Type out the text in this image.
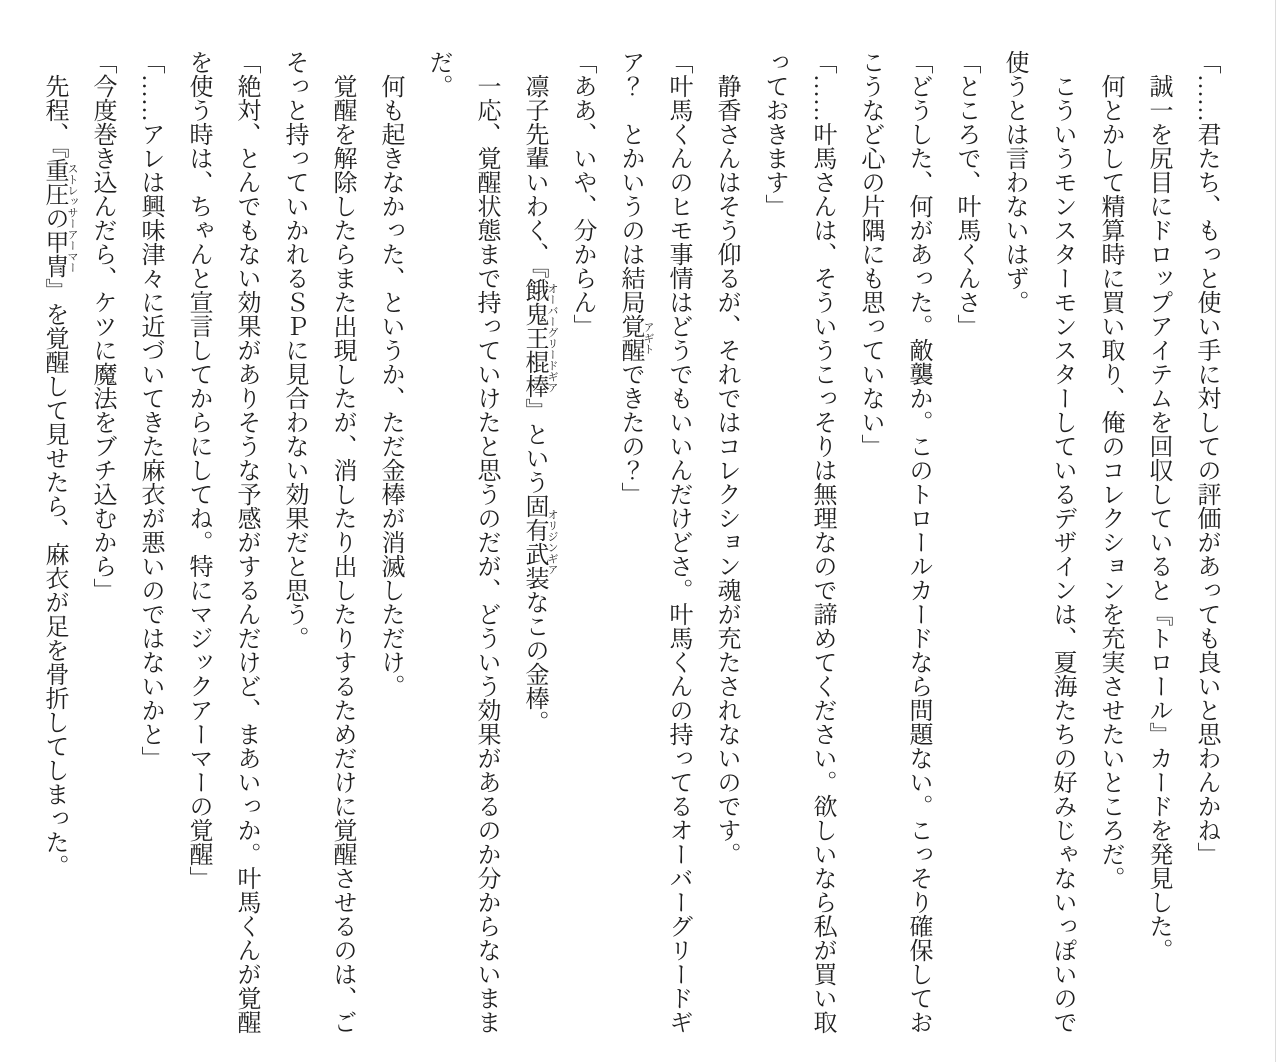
「……君たち、もっと使い手に対しての評価があっても良いと思わんかね」

誠一を尻目にドロップアイテムを回収していると『トロール』カードを発見した。

何とかして精算時に買い取り、俺のコレクションを充実させたいところだ。

こういうモンスターモンスターしているデザインは、夏海たちの好みじゃないっぽいので使うとは言わないはず。

「ところで、叶馬くんさ」

「どうした、何があった。敵襲か。このトロールカードなら問題ない。こっそり確保しておこうなど心の片隅にも思っていない」

「……叶馬さんは、そういうこっそりは無理なので諦めてください。欲しいなら私が買い取っておきます」

静香さんはそう仰るが、それではコレクション魂が充たされないのです。

「叶馬くんのヒモ事情はどうでもいいんだけどさ。叶馬くんの持ってるオーバーグリードギア？　とかいうのは結局覚醒 アギトできたの？」

「ああ、いや、分からん」

凛子先輩いわく、『餓鬼王棍棒 オーバーグリードギア』という固有武装 オリジンギアなこの金棒。

一応、覚醒状態まで持っていけたと思うのだが、どういう効果があるのか分からないままだ。

何も起きなかった、というか、ただ金棒が消滅しただけ。

覚醒を解除したらまた出現したが、消したり出したりするためだけに覚醒させるのは、ごそっと持っていかれるＳＰに見合わない効果だと思う。

「絶対、とんでもない効果がありそうな予感がするんだけど、まあいっか。叶馬くんが覚醒を使う時は、ちゃんと宣言してからにしてね。特にマジックアーマーの覚醒」

「……アレは興味津々に近づいてきた麻衣が悪いのではないかと」

「今度巻き込んだら、ケツに魔法をブチ込むから」

先程、『重圧の甲冑 ストレッサーアーマー』を覚醒して見せたら、麻衣が足を骨折してしまった。
